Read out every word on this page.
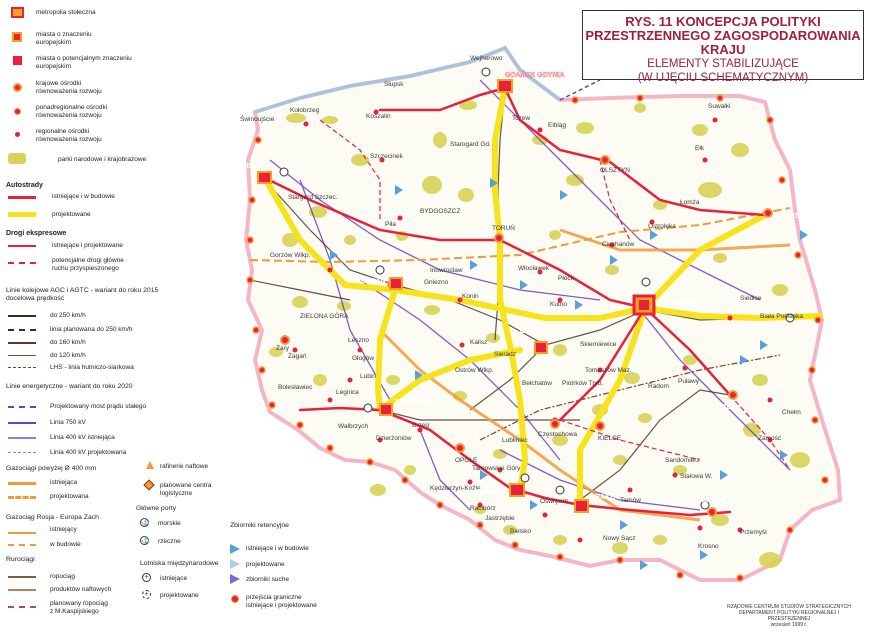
Wejherowo
GDAŃSK GDYNIA
Słupsk
Koszalin
Kołobrzeg
Świnoujście
SZCZECIN
Stargard Szczec.
Szczecinek
Tczew
Elbląg
Starogard Gd.
OLSZTYN
Suwałki
Ełk
BIAŁYSTOK
Łomża
Ostrołęka
Ciechanów
BYDGOSZCZ
TORUŃ
Piła
Gorzów Wlkp.
POZNAŃ
Inowrocław
Gniezno
Włocławek
Płock
Konin
Kutno	WARSZAWA
Siedlce
Biała Podlaska
ZIELONA GÓRA
Leszno
Żary
Żagań	Głogów
Kalisz
Ostrów Wlkp.
ŁÓDŹ
Sieradz
Skierniewice
Tomaszów Maz.
Piotrków Tryb.
Bełchatów	Radom
Puławy
LUBLIN
Chełm
Zamość
Lubin
Legnica
Bolesławiec
WROCŁAW
Wałbrzych
Dzierżoniów
Brzeg
OPOLE
Kędzierzyn-Koźle
Tarnowskie Góry
Częstochowa
Lubliniec	KIELCE
KATOWICE
Racibórz
Jastrzębie
KRAKÓW
Oświęcim	Tarnów	RZESZÓW
Przemyśl
Krosno
Nowy Sącz
Bielsko
Sandomierz
Stalowa W.
metropolia stołeczna
miasta o znaczeniu
europejskim
miasta o potencjalnym znaczeniu
europejskim
krajowe ośrodki
równoważenia rozwoju
ponadregionalne ośrodki
równoważenia rozwoju
regionalne ośrodki
równoważenia rozwoju
parki narodowe i krajobrazowe
Autostrady
istniejące i w budowie
projektowane
Drogi ekspresowe
istniejące i projektowane
potencjalne drogi główne
ruchu przyspieszonego
Linie kolejowe AGC i AGTC - wariant do roku 2015
docelowa prędkość
do 250 km/h
linia planowana do 250 km/h
do 160 km/h
do 120 km/h
LHS - linia hutniczo-siarkowa
Linie energetyczne - wariant do roku 2020
Projektowany most prądu stałego
Linia 750 kV
Linia 400 kV istniejąca
Linia 400 kV projektowana
Gazociągi powyżej Ø 400 mm
istniejąca
projektowana
rafinerie naftowe
planowane centra logistyczne
Gazociąg Rosja - Europa Zach
istniejący
w budowie
Główne porty
⚓ morskie
⚓ rzeczne
Rurociągi
ropociąg
produktów naftowych
planowany ropociąg
z M.Kaspijskiego
Lotniska międzynarodowe
+	istniejące
+	projektowane
Zbiorniki retencyjne
istniejące i w budowie
projektowane
zbiorniki suche
przejścia graniczne
istniejące i projektowane
RYS. 11 KONCEPCJA POLITYKI
PRZESTRZENNEGO ZAGOSPODAROWANIA KRAJU
ELEMENTY STABILIZUJĄCE
(W UJĘCIU SCHEMATYCZNYM)
RZĄDOWE CENTRUM STUDIÓW STRATEGICZNYCH
DEPARTAMENT POLITYKI REGIONALNEJ I PRZESTRZENNEJ
wrzesień 1999 r.
